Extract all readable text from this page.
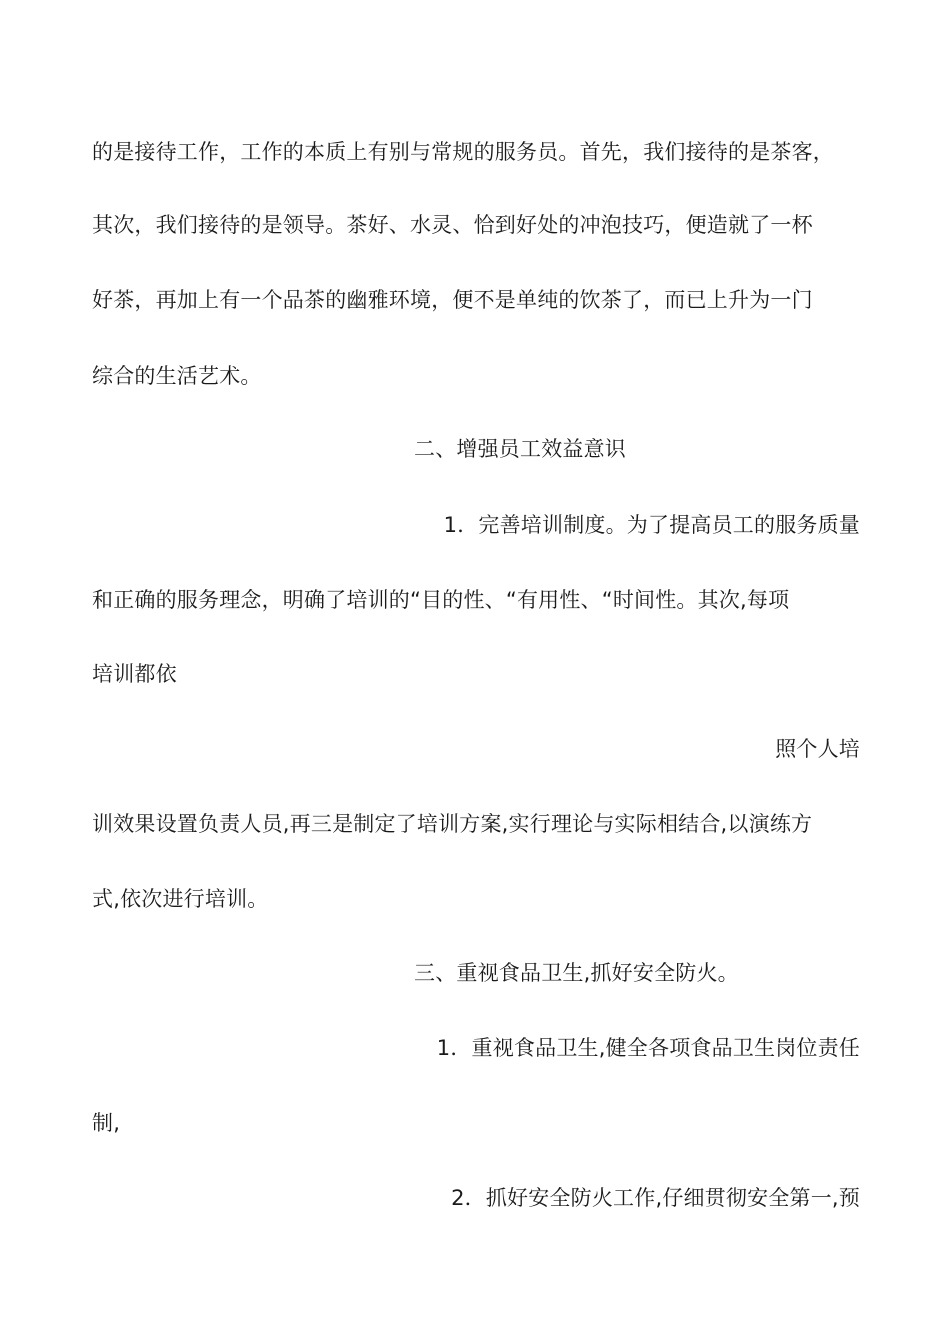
的是接待工作，工作的本质上有别与常规的服务员。首先，我们接待的是茶客，
其次，我们接待的是领导。茶好、水灵、恰到好处的冲泡技巧，便造就了一杯
好茶，再加上有一个品茶的幽雅环境，便不是单纯的饮茶了，而已上升为一门
综合的生活艺术。
二、增强员工效益意识
1．完善培训制度。为了提高员工的服务质量
和正确的服务理念，明确了培训的“目的性、“有用性、“时间性。其次,每项
培训都依
照个人培
训效果设置负责人员,再三是制定了培训方案,实行理论与实际相结合,以演练方
式,依次进行培训。
三、重视食品卫生,抓好安全防火。
1．重视食品卫生,健全各项食品卫生岗位责任
制,
2．抓好安全防火工作,仔细贯彻安全第一,预
